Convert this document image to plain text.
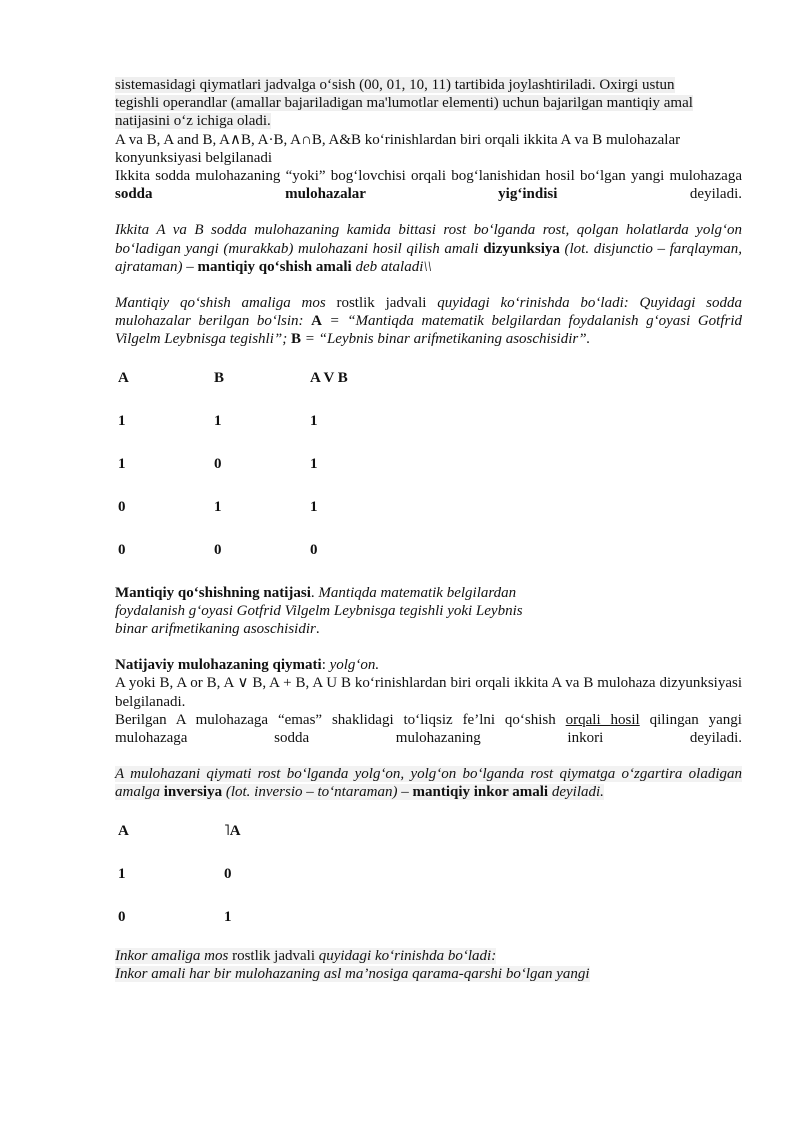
sistemasidagi qiymatlari jadvalga o‘sish (00, 01, 10, 11) tartibida joylashtiriladi. Oxirgi ustun
tegishli operandlar (amallar bajariladigan ma'lumotlar elementi) uchun bajarilgan mantiqiy amal
natijasini o‘z ichiga oladi.

A va B, A and B, A∧B, A·B, A∩B, A&B ko‘rinishlardan biri orqali ikkita A va B mulohazalar
konyunksiyasi belgilanadi

Ikkita sodda mulohazaning “yoki” bog‘lovchisi orqali bog‘lanishidan hosil bo‘lgan yangi mulohazaga sodda mulohazalar yig‘indisi deyiladi.

Ikkita A va B sodda mulohazaning kamida bittasi rost bo‘lganda rost, qolgan holatlarda yolg‘on bo‘ladigan yangi (murakkab) mulohazani hosil qilish amali dizyunksiya (lot. disjunctio – farqlayman, ajrataman) – mantiqiy qo‘shish amali deb ataladi\\

Mantiqiy qo‘shish amaliga mos rostlik jadvali quyidagi ko‘rinishda bo‘ladi: Quyidagi sodda mulohazalar berilgan bo‘lsin: A = “Mantiqda matematik belgilardan foydalanish g‘oyasi Gotfrid Vilgelm Leybnisga tegishli”; B = “Leybnis binar arifmetikaning asoschisidir”.

A	B	A V B
1	1	1
1	0	1
0	1	1
0	0	0

Mantiqiy qo‘shishning natijasi. Mantiqda matematik belgilardan
foydalanish g‘oyasi Gotfrid Vilgelm Leybnisga tegishli yoki Leybnis
binar arifmetikaning asoschisidir.

Natijaviy mulohazaning qiymati: yolg‘on.

A yoki B, A or B, A ∨ B, A + B, A U B ko‘rinishlardan biri orqali ikkita A va B mulohaza dizyunksiyasi belgilanadi.

Berilgan A mulohazaga “emas” shaklidagi to‘liqsiz fe’lni qo‘shish orqali hosil qilingan yangi mulohazaga sodda mulohazaning inkori deyiladi.

A mulohazani qiymati rost bo‘lganda yolg‘on, yolg‘on bo‘lganda rost qiymatga o‘zgartira oladigan amalga inversiya (lot. inversio – to‘ntaraman) – mantiqiy inkor amali deyiladi.

A	˥A
1	0
0	1

Inkor amaliga mos rostlik jadvali quyidagi ko‘rinishda bo‘ladi:
Inkor amali har bir mulohazaning asl ma’nosiga qarama-qarshi bo‘lgan yangi
